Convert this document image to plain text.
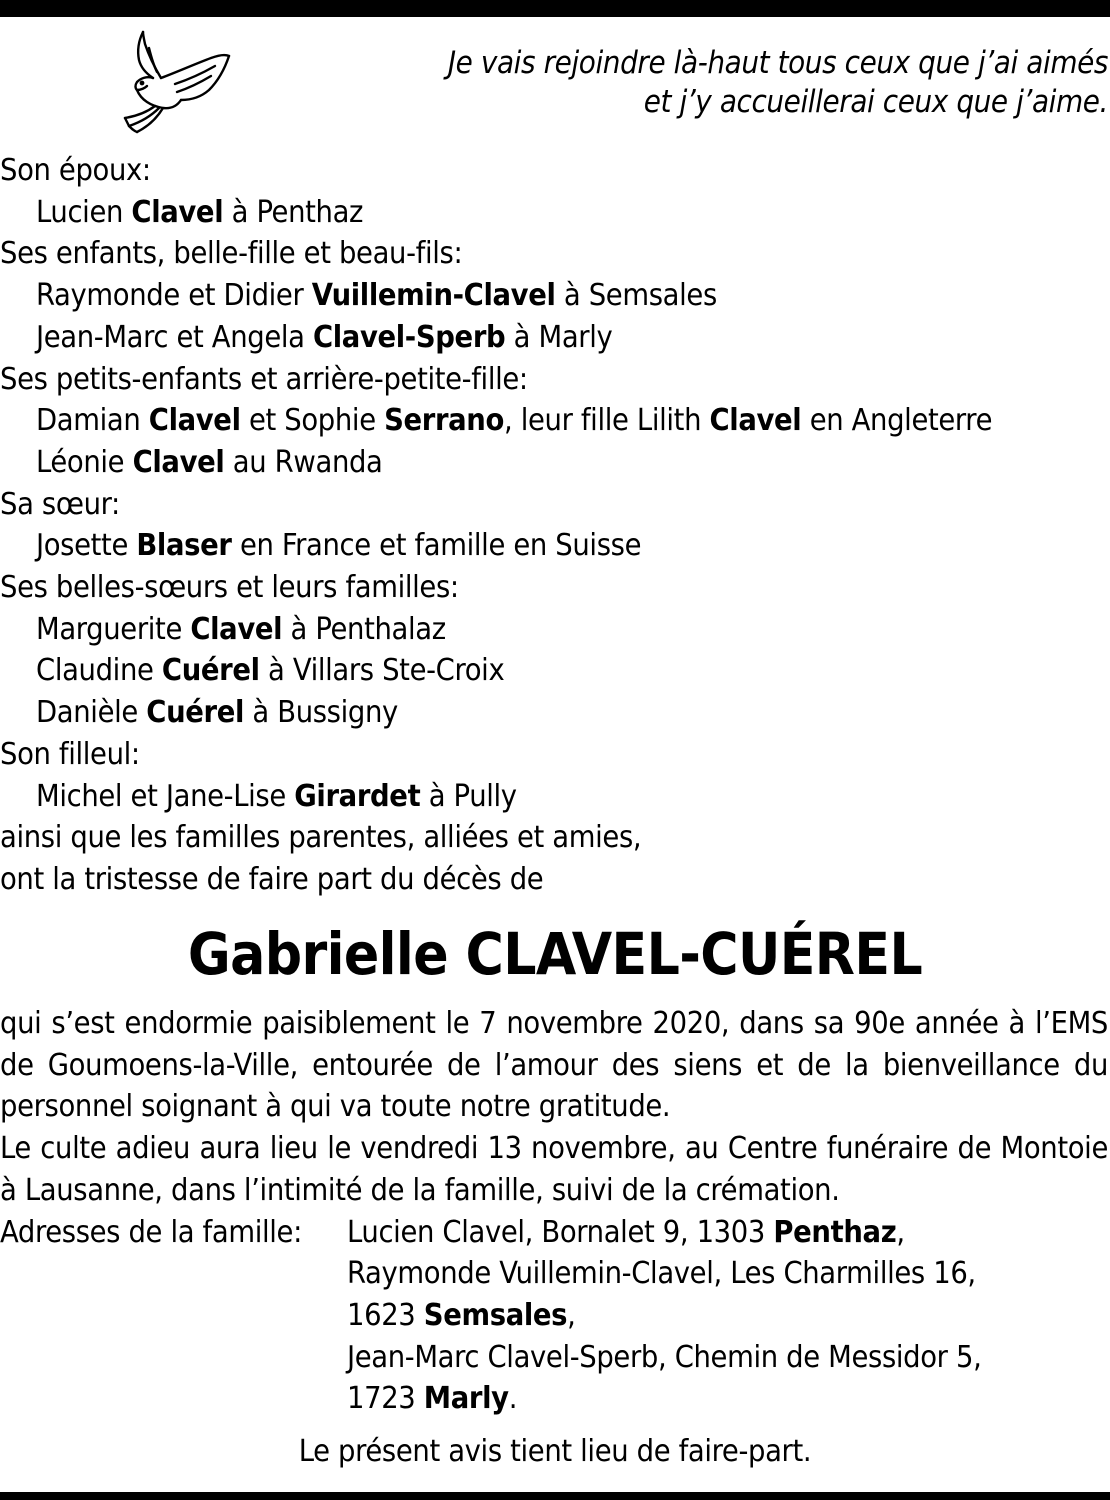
Je vais rejoindre là-haut tous ceux que j’ai aimés
et j’y accueillerai ceux que j’aime.
Son époux:
Lucien Clavel à Penthaz
Ses enfants, belle-fille et beau-fils:
Raymonde et Didier Vuillemin-Clavel à Semsales
Jean-Marc et Angela Clavel-Sperb à Marly
Ses petits-enfants et arrière-petite-fille:
Damian Clavel et Sophie Serrano, leur fille Lilith Clavel en Angleterre
Léonie Clavel au Rwanda
Sa sœur:
Josette Blaser en France et famille en Suisse
Ses belles-sœurs et leurs familles:
Marguerite Clavel à Penthalaz
Claudine Cuérel à Villars Ste-Croix
Danièle Cuérel à Bussigny
Son filleul:
Michel et Jane-Lise Girardet à Pully
ainsi que les familles parentes, alliées et amies,
ont la tristesse de faire part du décès de
Gabrielle CLAVEL-CUÉREL
qui s’est endormie paisiblement le 7 novembre 2020, dans sa 90e année à l’EMS de Goumoens-la-Ville, entourée de l’amour des siens et de la bienveillance du personnel soignant à qui va toute notre gratitude.
Le culte adieu aura lieu le vendredi 13 novembre, au Centre funéraire de Montoie à Lausanne, dans l’intimité de la famille, suivi de la crémation.
Adresses de la famille:	Lucien Clavel, Bornalet 9, 1303 Penthaz,
Raymonde Vuillemin-Clavel, Les Charmilles 16,
1623 Semsales,
Jean-Marc Clavel-Sperb, Chemin de Messidor 5,
1723 Marly.
Le présent avis tient lieu de faire-part.
